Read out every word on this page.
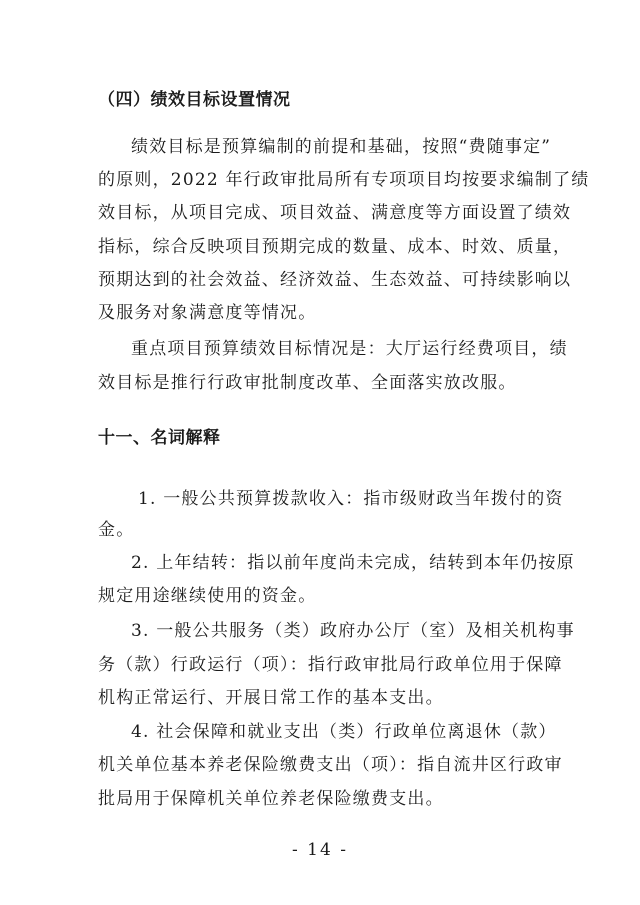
（四）绩效目标设置情况
绩效目标是预算编制的前提和基础，按照“费随事定”
的原则，2022 年行政审批局所有专项项目均按要求编制了绩
效目标，从项目完成、项目效益、满意度等方面设置了绩效
指标，综合反映项目预期完成的数量、成本、时效、质量，
预期达到的社会效益、经济效益、生态效益、可持续影响以
及服务对象满意度等情况。
重点项目预算绩效目标情况是：大厅运行经费项目，绩
效目标是推行行政审批制度改革、全面落实放改服。
十一、名词解释
1. 一般公共预算拨款收入：指市级财政当年拨付的资
金。
2. 上年结转：指以前年度尚未完成，结转到本年仍按原
规定用途继续使用的资金。
3. 一般公共服务（类）政府办公厅（室）及相关机构事
务（款）行政运行（项）：指行政审批局行政单位用于保障
机构正常运行、开展日常工作的基本支出。
4. 社会保障和就业支出（类）行政单位离退休（款）
机关单位基本养老保险缴费支出（项）：指自流井区行政审
批局用于保障机关单位养老保险缴费支出。
- 14 -
